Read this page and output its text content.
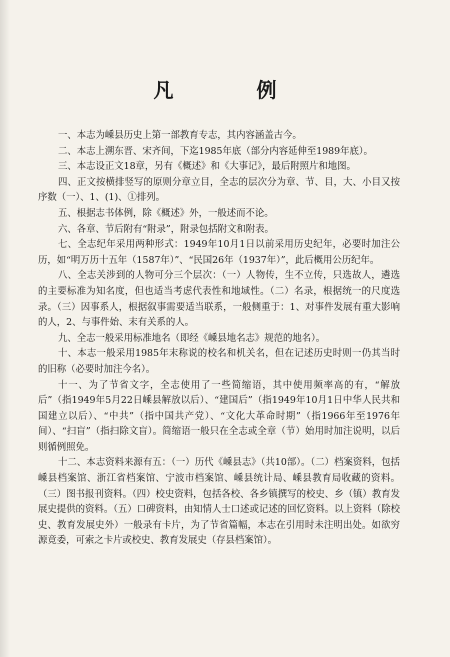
凡 例

一、本志为嵊县历史上第一部教育专志，其内容涵盖古今。

二、本志上溯东晋、宋齐间，下迄1985年底（部分内容延伸至1989年底）。

三、本志设正文18章，另有《概述》和《大事记》，最后附照片和地图。

四、正文按横排竖写的原则分章立目，全志的层次分为章、节、目，大、小目又按序数（一）、1、(1)、①排列。

五、根据志书体例，除《概述》外，一般述而不论。

六、各章、节后附有“附录”，附录包括附文和附表。

七、全志纪年采用两种形式：1949年10月1日以前采用历史纪年，必要时加注公历，如“明万历十五年（1587年）”、“民国26年（1937年）”，此后概用公历纪年。

八、全志关涉到的人物可分三个层次：（一）人物传，生不立传，只选故人，遴选的主要标准为知名度，但也适当考虑代表性和地域性。（二）名录，根据统一的尺度选录。（三）因事系人，根据叙事需要适当联系，一般侧重于：1、对事件发展有重大影响的人，2、与事件始、末有关系的人。

九、全志一般采用标准地名（即经《嵊县地名志》规范的地名）。

十、本志一般采用1985年末称说的校名和机关名，但在记述历史时则一仍其当时的旧称（必要时加注今名）。

十一、为了节省文字，全志使用了一些简缩语，其中使用频率高的有，“解放后”（指1949年5月22日嵊县解放以后）、“建国后”（指1949年10月1日中华人民共和国建立以后）、“中共”（指中国共产党）、“文化大革命时期”（指1966年至1976年间）、“扫盲”（指扫除文盲）。简缩语一般只在全志或全章（节）始用时加注说明，以后则循例照免。

十二、本志资料来源有五：（一）历代《嵊县志》（共10部）。（二）档案资料，包括嵊县档案馆、浙江省档案馆、宁波市档案馆、嵊县统计局、嵊县教育局收藏的资料。（三）图书报刊资料。（四）校史资料，包括各校、各乡镇撰写的校史、乡（镇）教育发展史提供的资料。（五）口碑资料，由知情人士口述或记述的回忆资料。以上资料（除校史、教育发展史外）一般录有卡片，为了节省篇幅，本志在引用时未注明出处。如欲穷源竟委，可索之卡片或校史、教育发展史（存县档案馆）。
